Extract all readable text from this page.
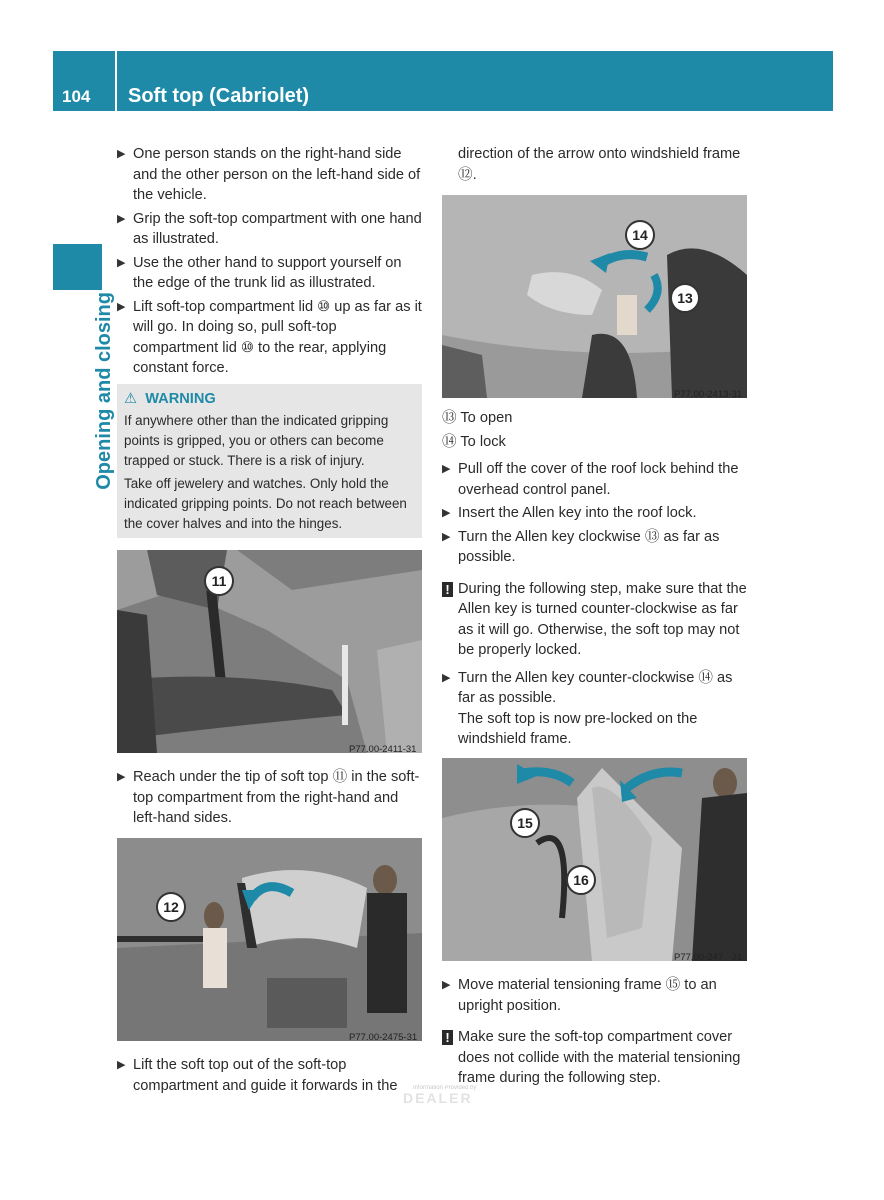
104 Soft top (Cabriolet)
Opening and closing
▶ One person stands on the right-hand side and the other person on the left-hand side of the vehicle.
▶ Grip the soft-top compartment with one hand as illustrated.
▶ Use the other hand to support yourself on the edge of the trunk lid as illustrated.
▶ Lift soft-top compartment lid ⑩ up as far as it will go. In doing so, pull soft-top compartment lid ⑩ to the rear, applying constant force.
⚠ WARNING

If anywhere other than the indicated gripping points is gripped, you or others can become trapped or stuck. There is a risk of injury.

Take off jewelery and watches. Only hold the indicated gripping points. Do not reach between the cover halves and into the hinges.

11
P77.00-2411-31
▶ Reach under the tip of soft top ⑪ in the soft-top compartment from the right-hand and left-hand sides.
12
P77.00-2475-31
▶ Lift the soft top out of the soft-top compartment and guide it forwards in the

direction of the arrow onto windshield frame ⑫.

14
13
P77.00-2413-31

⑬ To open

⑭ To lock

▶ Pull off the cover of the roof lock behind the overhead control panel.
▶ Insert the Allen key into the roof lock.
▶ Turn the Allen key clockwise ⑬ as far as possible.
! During the following step, make sure that the Allen key is turned counter-clockwise as far as it will go. Otherwise, the soft top may not be properly locked.
▶ Turn the Allen key counter-clockwise ⑭ as far as possible.
The soft top is now pre-locked on the windshield frame.
15
16
P77.00-247_-31
▶ Move material tensioning frame ⑮ to an upright position.
! Make sure the soft-top compartment cover does not collide with the material tensioning frame during the following step.
Information Provided by
DEALER
